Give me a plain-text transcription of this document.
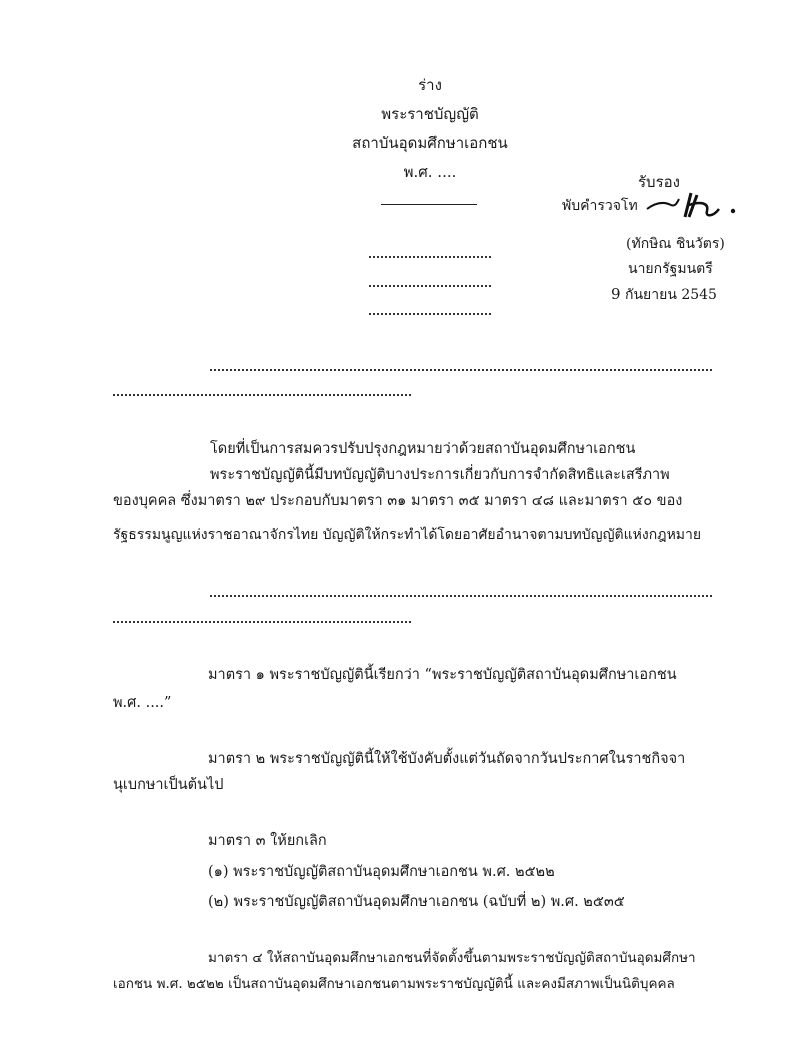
ร่าง
พระราชบัญญัติ
สถาบันอุดมศึกษาเอกชน
พ.ศ. ....
รับรอง
พับคำรวจโท
(ทักษิณ ชินวัตร)
นายกรัฐมนตรี
9 กันยายน 2545
โดยที่เป็นการสมควรปรับปรุงกฎหมายว่าด้วยสถาบันอุดมศึกษาเอกชน
พระราชบัญญัตินี้มีบทบัญญัติบางประการเกี่ยวกับการจำกัดสิทธิและเสรีภาพ
ของบุคคล ซึ่งมาตรา ๒๙ ประกอบกับมาตรา ๓๑ มาตรา ๓๕ มาตรา ๔๘ และมาตรา ๕๐ ของ
รัฐธรรมนูญแห่งราชอาณาจักรไทย บัญญัติให้กระทำได้โดยอาศัยอำนาจตามบทบัญญัติแห่งกฎหมาย
มาตรา ๑ พระราชบัญญัตินี้เรียกว่า “พระราชบัญญัติสถาบันอุดมศึกษาเอกชน
พ.ศ. ....”
มาตรา ๒ พระราชบัญญัตินี้ให้ใช้บังคับตั้งแต่วันถัดจากวันประกาศในราชกิจจา
นุเบกษาเป็นต้นไป
มาตรา ๓ ให้ยกเลิก
(๑) พระราชบัญญัติสถาบันอุดมศึกษาเอกชน พ.ศ. ๒๕๒๒
(๒) พระราชบัญญัติสถาบันอุดมศึกษาเอกชน (ฉบับที่ ๒) พ.ศ. ๒๕๓๕
มาตรา ๔ ให้สถาบันอุดมศึกษาเอกชนที่จัดตั้งขึ้นตามพระราชบัญญัติสถาบันอุดมศึกษา
เอกชน พ.ศ. ๒๕๒๒ เป็นสถาบันอุดมศึกษาเอกชนตามพระราชบัญญัตินี้ และคงมีสภาพเป็นนิติบุคคล
